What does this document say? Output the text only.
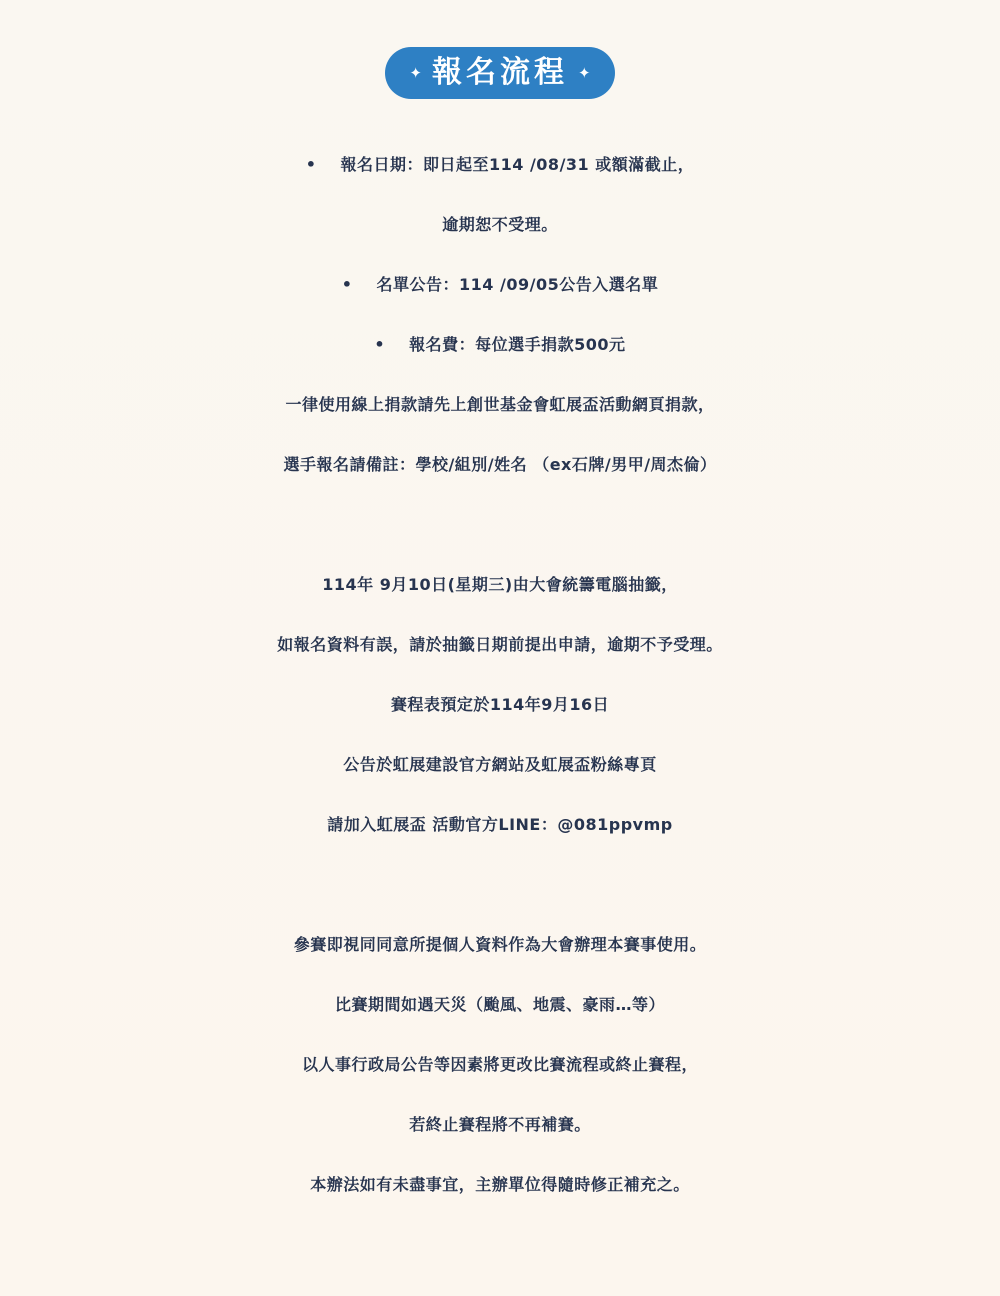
✦ 報名流程 ✦
• 報名日期：即日起至114 /08/31 或額滿截止，
逾期恕不受理。
• 名單公告：114 /09/05公告入選名單
• 報名費：每位選手捐款500元
一律使用線上捐款請先上創世基金會虹展盃活動網頁捐款，
選手報名請備註：學校/組別/姓名 （ex石牌/男甲/周杰倫）
114年 9月10日(星期三)由大會統籌電腦抽籤，
如報名資料有誤，請於抽籤日期前提出申請，逾期不予受理。
賽程表預定於114年9月16日
公告於虹展建設官方網站及虹展盃粉絲專頁
請加入虹展盃 活動官方LINE：@081ppvmp
參賽即視同同意所提個人資料作為大會辦理本賽事使用。
比賽期間如遇天災（颱風、地震、豪雨…等）
以人事行政局公告等因素將更改比賽流程或終止賽程，
若終止賽程將不再補賽。
本辦法如有未盡事宜，主辦單位得隨時修正補充之。
